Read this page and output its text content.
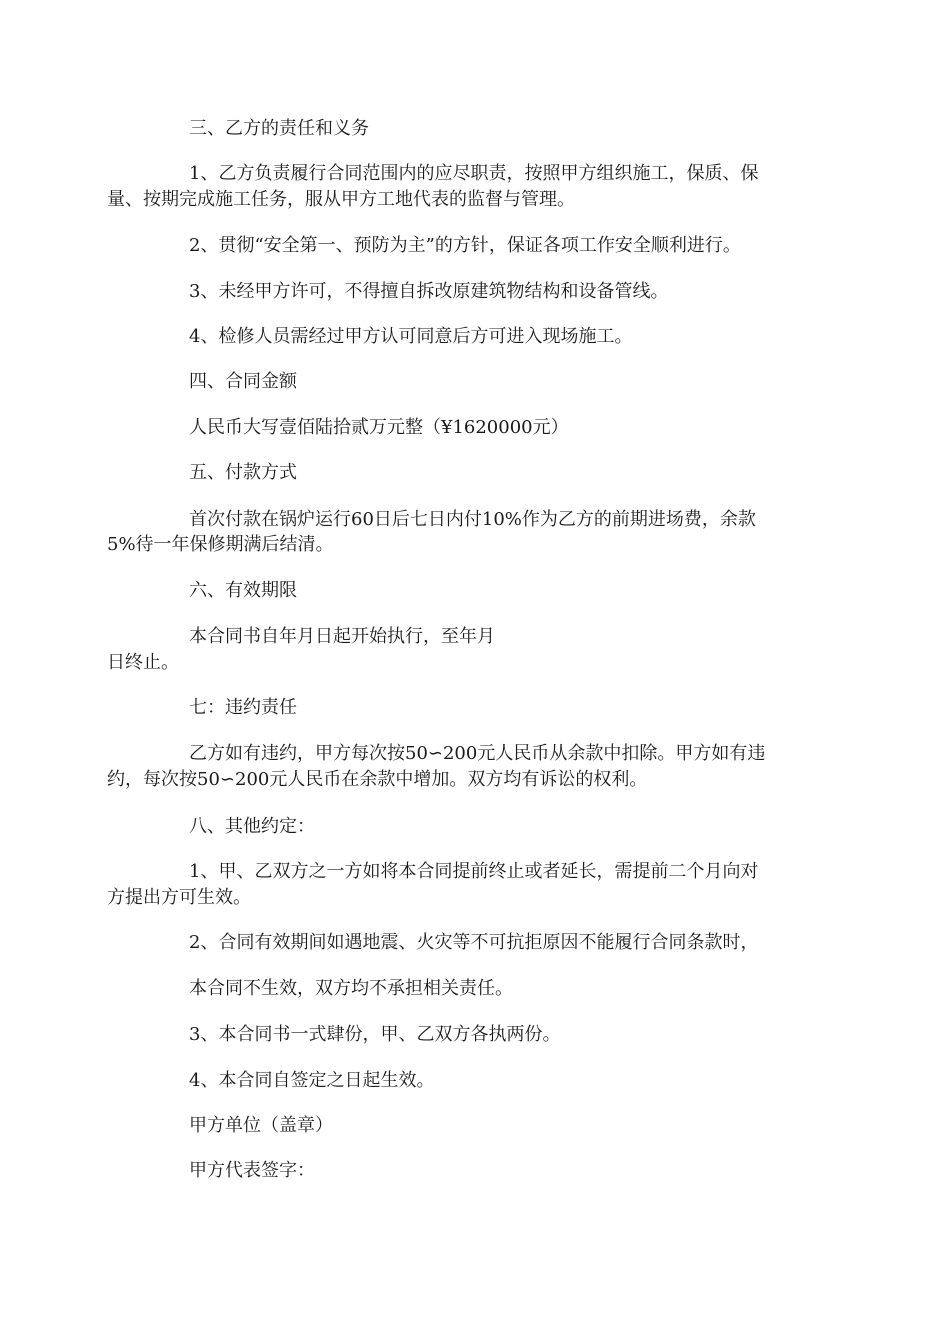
三、乙方的责任和义务
1、乙方负责履行合同范围内的应尽职责，按照甲方组织施工，保质、保
量、按期完成施工任务，服从甲方工地代表的监督与管理。
2、贯彻“安全第一、预防为主”的方针，保证各项工作安全顺利进行。
3、未经甲方许可，不得擅自拆改原建筑物结构和设备管线。
4、检修人员需经过甲方认可同意后方可进入现场施工。
四、合同金额
人民币大写壹佰陆拾贰万元整（¥1620000元）
五、付款方式
首次付款在锅炉运行60日后七日内付10%作为乙方的前期进场费，余款
5%待一年保修期满后结清。
六、有效期限
本合同书自年月日起开始执行，至年月
日终止。
七：违约责任
乙方如有违约，甲方每次按50∽200元人民币从余款中扣除。甲方如有违
约，每次按50∽200元人民币在余款中增加。双方均有诉讼的权利。
八、其他约定：
1、甲、乙双方之一方如将本合同提前终止或者延长，需提前二个月向对
方提出方可生效。
2、合同有效期间如遇地震、火灾等不可抗拒原因不能履行合同条款时，
本合同不生效，双方均不承担相关责任。
3、本合同书一式肆份，甲、乙双方各执两份。
4、本合同自签定之日起生效。
甲方单位（盖章）
甲方代表签字：
